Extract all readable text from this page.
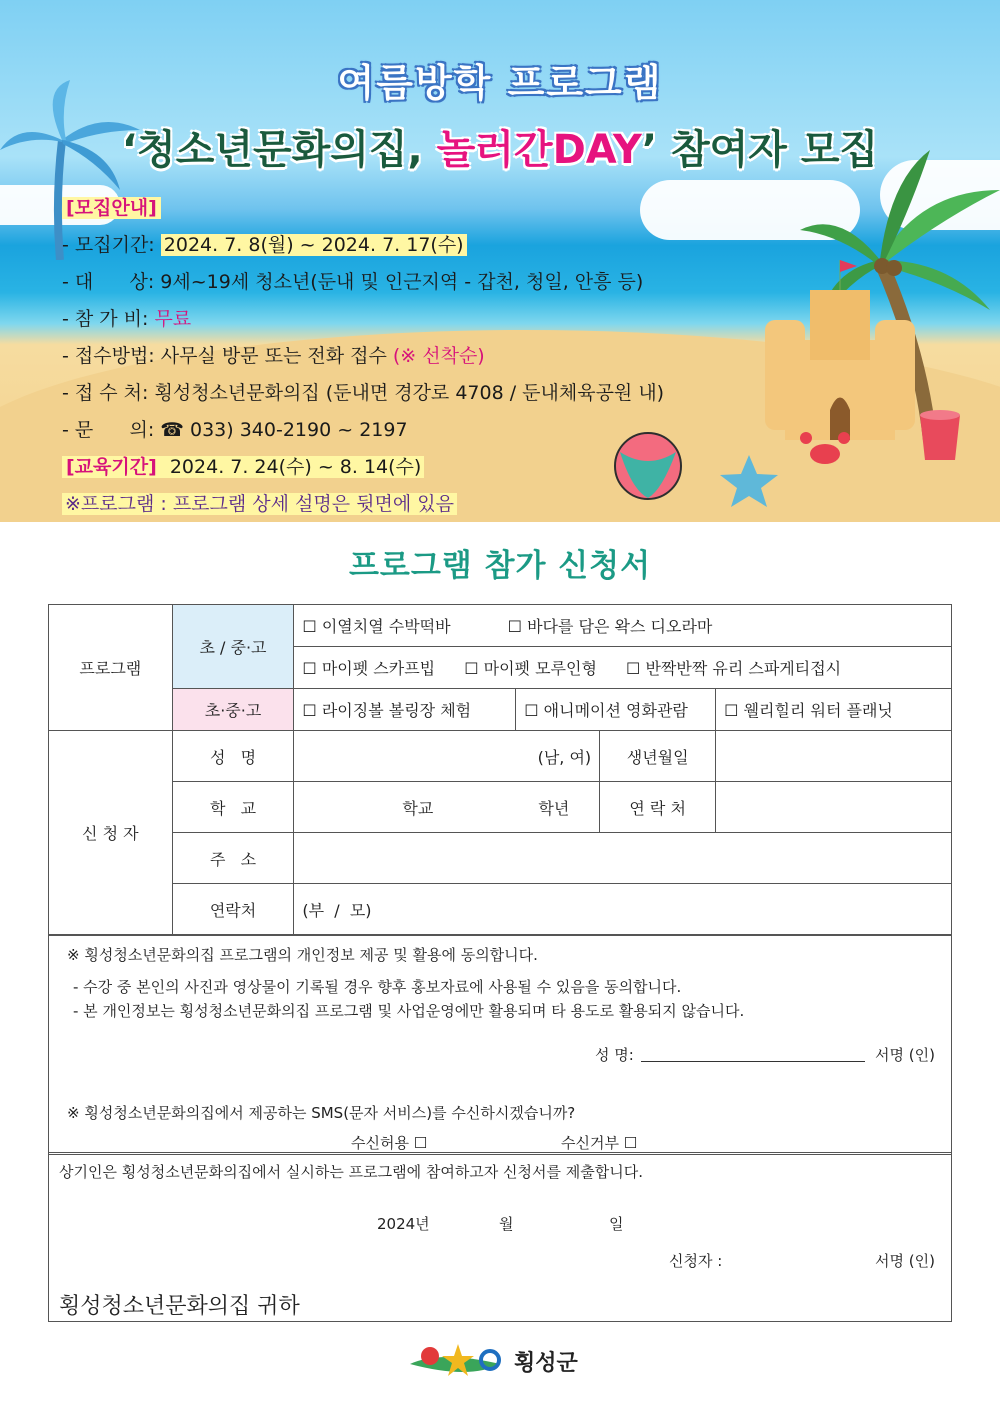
여름방학 프로그램
‘청소년문화의집, 놀러간DAY’ 참여자 모집
[모집안내]
- 모집기간: 2024. 7. 8(월) ~ 2024. 7. 17(수)
- 대      상: 9세~19세 청소년(둔내 및 인근지역 - 갑천, 청일, 안흥 등)
- 참 가 비: 무료
- 접수방법: 사무실 방문 또는 전화 접수 (※ 선착순)
- 접 수 처: 횡성청소년문화의집 (둔내면 경강로 4708 / 둔내체육공원 내)
- 문      의: ☎ 033) 340-2190 ~ 2197
[교육기간] 2024. 7. 24(수) ~ 8. 14(수)
※프로그램 : 프로그램 상세 설명은 뒷면에 있음
프로그램 참가 신청서
프로그램	초 / 중·고	☐ 이열치열 수박떡바 ☐ 바다를 담은 왁스 디오라마			
		☐ 마이펫 스카프빕 ☐ 마이펫 모루인형 ☐ 반짝반짝 유리 스파게티접시			
	초·중·고	☐ 라이징볼 볼링장 체험	☐ 애니메이션 영화관람		☐ 웰리힐리 워터 플래닛
신 청 자	성   명	(남, 여)		생년월일	
	학   교	학교 학년		연 락 처	
	주   소				
	연락처	(부  /  모)			
※ 횡성청소년문화의집 프로그램의 개인정보 제공 및 활용에 동의합니다.
- 수강 중 본인의 사진과 영상물이 기록될 경우 향후 홍보자료에 사용될 수 있음을 동의합니다.
- 본 개인정보는 횡성청소년문화의집 프로그램 및 사업운영에만 활용되며 타 용도로 활용되지 않습니다.
성 명:	서명 (인)
※ 횡성청소년문화의집에서 제공하는 SMS(문자 서비스)를 수신하시겠습니까?
수신허용 ☐	수신거부 ☐
상기인은 횡성청소년문화의집에서 실시하는 프로그램에 참여하고자 신청서를 제출합니다.
2024년	월	일
신청자 :	서명 (인)
횡성청소년문화의집 귀하
횡성군
